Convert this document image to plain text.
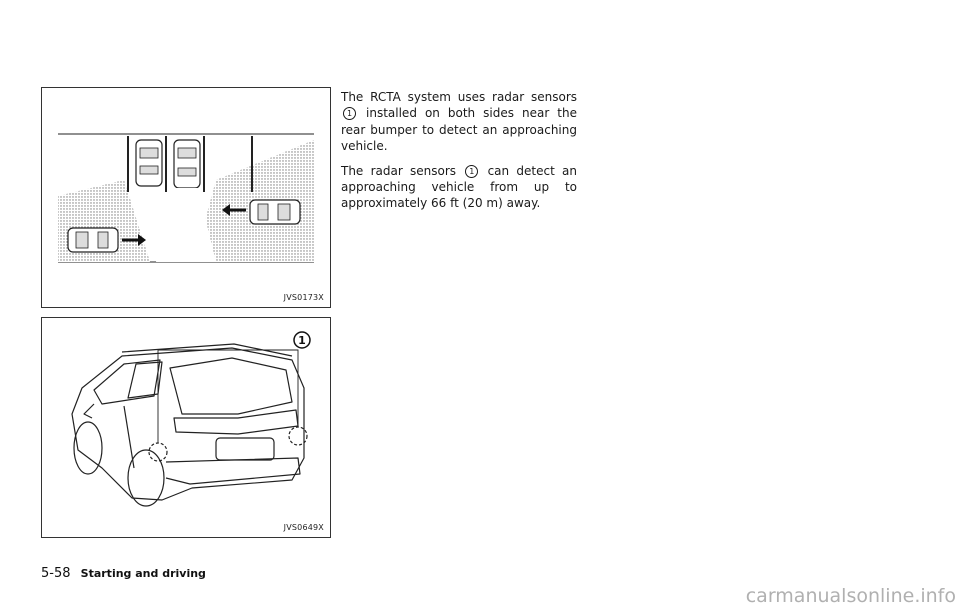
JVS0173X
1
JVS0649X

The RCTA system uses radar sensors 1 installed on both sides near the rear bumper to detect an approaching vehicle.

The radar sensors 1 can detect an approaching vehicle from up to approximately 66 ft (20 m) away.

5-58 Starting and driving
carmanualsonline.info
